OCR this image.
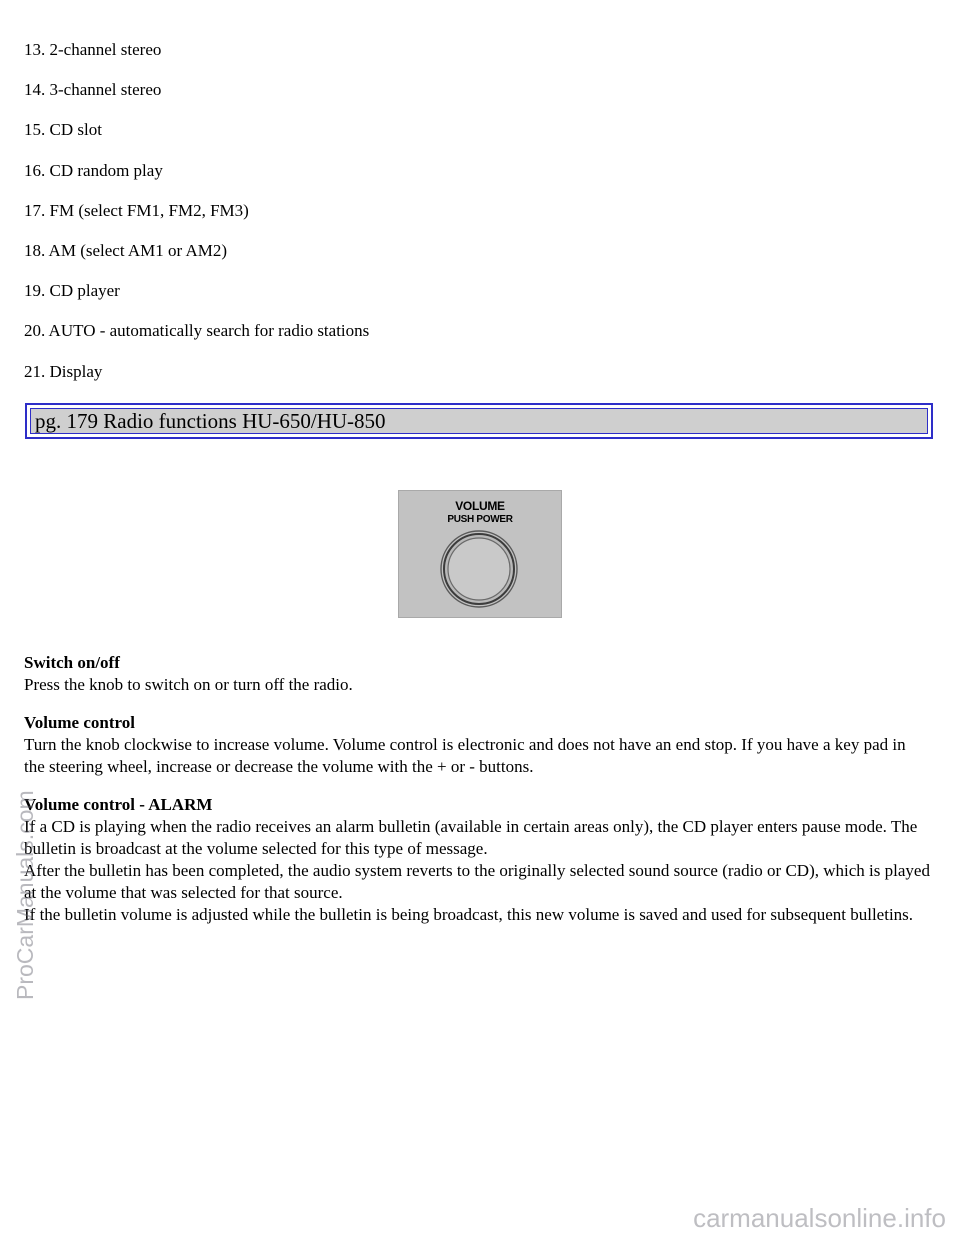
13. 2-channel stereo
14. 3-channel stereo
15. CD slot
16. CD random play
17. FM (select FM1, FM2, FM3)
18. AM (select AM1 or AM2)
19. CD player
20. AUTO - automatically search for radio stations
21. Display
pg. 179 Radio functions HU-650/HU-850
VOLUME
PUSH POWER

Switch on/off
Press the knob to switch on or turn off the radio.

Volume control
Turn the knob clockwise to increase volume. Volume control is electronic and does not have an end stop. If you have a key pad in the steering wheel, increase or decrease the volume with the + or - buttons.

Volume control - ALARM
If a CD is playing when the radio receives an alarm bulletin (available in certain areas only), the CD player enters pause mode. The bulletin is broadcast at the volume selected for this type of message.
After the bulletin has been completed, the audio system reverts to the originally selected sound source (radio or CD), which is played at the volume that was selected for that source.
If the bulletin volume is adjusted while the bulletin is being broadcast, this new volume is saved and used for subsequent bulletins.

ProCarManuals.com
carmanualsonline.info
